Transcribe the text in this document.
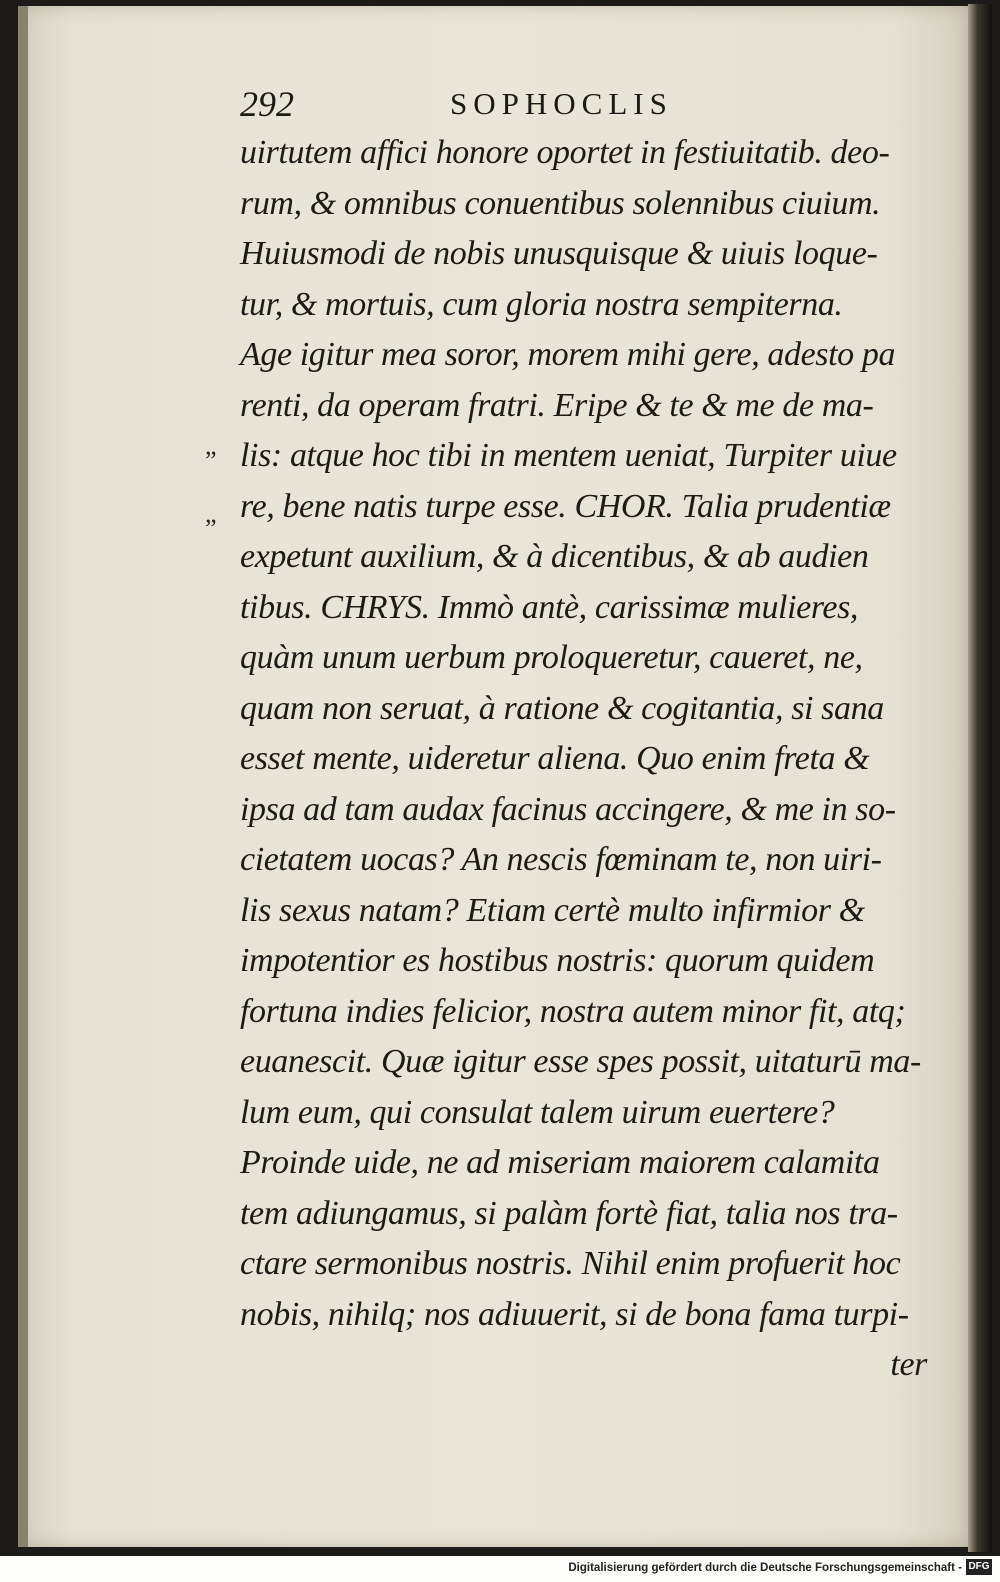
292	SOPHOCLIS
”
”
uirtutem affici honore oportet in festiuitatib. deo-
rum, & omnibus conuentibus solennibus ciuium.
Huiusmodi de nobis unusquisque & uiuis loque-
tur, & mortuis, cum gloria nostra sempiterna.
Age igitur mea soror, morem mihi gere, adesto pa
renti, da operam fratri. Eripe & te & me de ma-
lis: atque hoc tibi in mentem ueniat, Turpiter uiue
re, bene natis turpe esse. CHOR. Talia prudentiæ
expetunt auxilium, & à dicentibus, & ab audien
tibus. CHRYS. Immò antè, carissimæ mulieres,
quàm unum uerbum proloqueretur, caueret, ne,
quam non seruat, à ratione & cogitantia, si sana
esset mente, uideretur aliena. Quo enim freta &
ipsa ad tam audax facinus accingere, & me in so-
cietatem uocas? An nescis fœminam te, non uiri-
lis sexus natam? Etiam certè multo infirmior &
impotentior es hostibus nostris: quorum quidem
fortuna indies felicior, nostra autem minor fit, atq;
euanescit. Quæ igitur esse spes possit, uitaturū ma-
lum eum, qui consulat talem uirum euertere?
Proinde uide, ne ad miseriam maiorem calamita
tem adiungamus, si palàm fortè fiat, talia nos tra-
ctare sermonibus nostris. Nihil enim profuerit hoc
nobis, nihilq; nos adiuuerit, si de bona fama turpi-
ter
Digitalisierung gefördert durch die Deutsche Forschungsgemeinschaft - DFG
